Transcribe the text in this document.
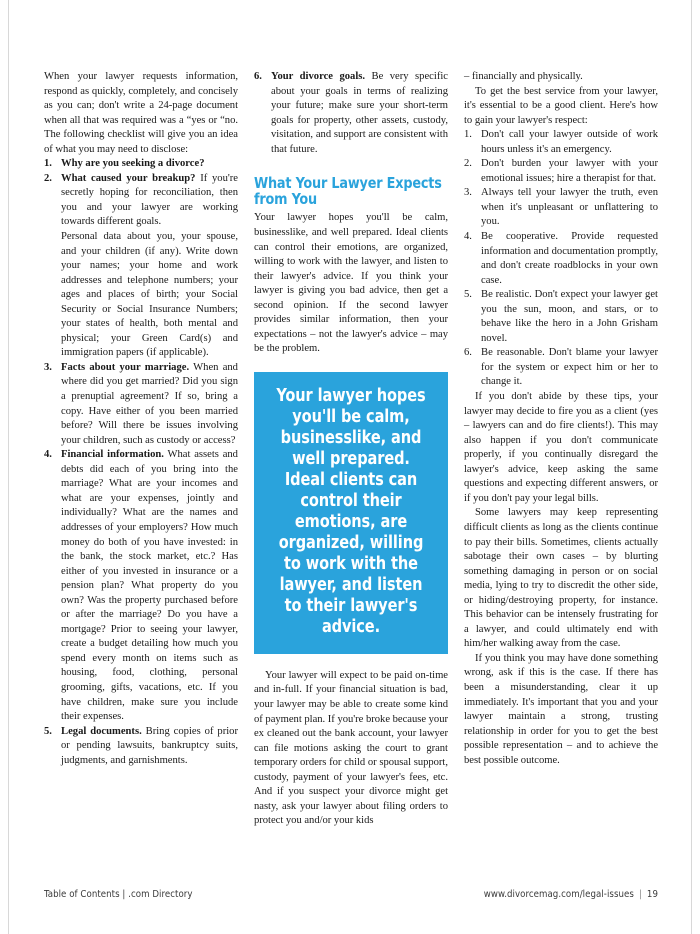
When your lawyer requests information, respond as quickly, completely, and concisely as you can; don't write a 24-page document when all that was required was a “yes or “no. The following checklist will give you an idea of what you may need to disclose:

1. Why are you seeking a divorce?
2. What caused your breakup? If you're secretly hoping for reconciliation, then you and your lawyer are working towards different goals.
Personal data about you, your spouse, and your children (if any). Write down your names; your home and work addresses and telephone numbers; your ages and places of birth; your Social Security or Social Insurance Numbers; your states of health, both mental and physical; your Green Card(s) and immigration papers (if applicable).
3. Facts about your marriage. When and where did you get married? Did you sign a prenuptial agreement? If so, bring a copy. Have either of you been married before? Will there be issues involving your children, such as custody or access?
4. Financial information. What assets and debts did each of you bring into the marriage? What are your incomes and what are your expenses, jointly and individually? What are the names and addresses of your employers? How much money do both of you have invested: in the bank, the stock market, etc.? Has either of you invested in insurance or a pension plan? What property do you own? Was the property purchased before or after the marriage? Do you have a mortgage? Prior to seeing your lawyer, create a budget detailing how much you spend every month on items such as housing, food, clothing, personal grooming, gifts, vacations, etc. If you have children, make sure you include their expenses.
5. Legal documents. Bring copies of prior or pending lawsuits, bankruptcy suits, judgments, and garnishments.
6. Your divorce goals. Be very specific about your goals in terms of realizing your future; make sure your short-term goals for property, other assets, custody, visitation, and support are consistent with that future.
What Your Lawyer Expects from You

Your lawyer hopes you'll be calm, businesslike, and well prepared. Ideal clients can control their emotions, are organized, willing to work with the lawyer, and listen to their lawyer's advice. If you think your lawyer is giving you bad advice, then get a second opinion. If the second lawyer provides similar information, then your expectations – not the lawyer's advice – may be the problem.

Your lawyer hopes you'll be calm, businesslike, and well prepared. Ideal clients can control their emotions, are organized, willing to work with the lawyer, and listen to their lawyer's advice.

Your lawyer will expect to be paid on-time and in-full. If your financial situation is bad, your lawyer may be able to create some kind of payment plan. If you're broke because your ex cleaned out the bank account, your lawyer can file motions asking the court to grant temporary orders for child or spousal support, custody, payment of your lawyer's fees, etc. And if you suspect your divorce might get nasty, ask your lawyer about filing orders to protect you and/or your kids

– financially and physically.

To get the best service from your lawyer, it's essential to be a good client. Here's how to gain your lawyer's respect:

1. Don't call your lawyer outside of work hours unless it's an emergency.
2. Don't burden your lawyer with your emotional issues; hire a therapist for that.
3. Always tell your lawyer the truth, even when it's unpleasant or unflattering to you.
4. Be cooperative. Provide requested information and documentation promptly, and don't create roadblocks in your own case.
5. Be realistic. Don't expect your lawyer get you the sun, moon, and stars, or to behave like the hero in a John Grisham novel.
6. Be reasonable. Don't blame your lawyer for the system or expect him or her to change it.

If you don't abide by these tips, your lawyer may decide to fire you as a client (yes – lawyers can and do fire clients!). This may also happen if you don't communicate properly, if you continually disregard the lawyer's advice, keep asking the same questions and expecting different answers, or if you don't pay your legal bills.

Some lawyers may keep representing difficult clients as long as the clients continue to pay their bills. Sometimes, clients actually sabotage their own cases – by blurting something damaging in person or on social media, lying to try to discredit the other side, or hiding/destroying property, for instance. This behavior can be intensely frustrating for a lawyer, and could ultimately end with him/her walking away from the case.

If you think you may have done something wrong, ask if this is the case. If there has been a misunderstanding, clear it up immediately. It's important that you and your lawyer maintain a strong, trusting relationship in order for you to get the best possible representation – and to achieve the best possible outcome.

Table of Contents | .com Directory	www.divorcemag.com/legal-issues | 19
